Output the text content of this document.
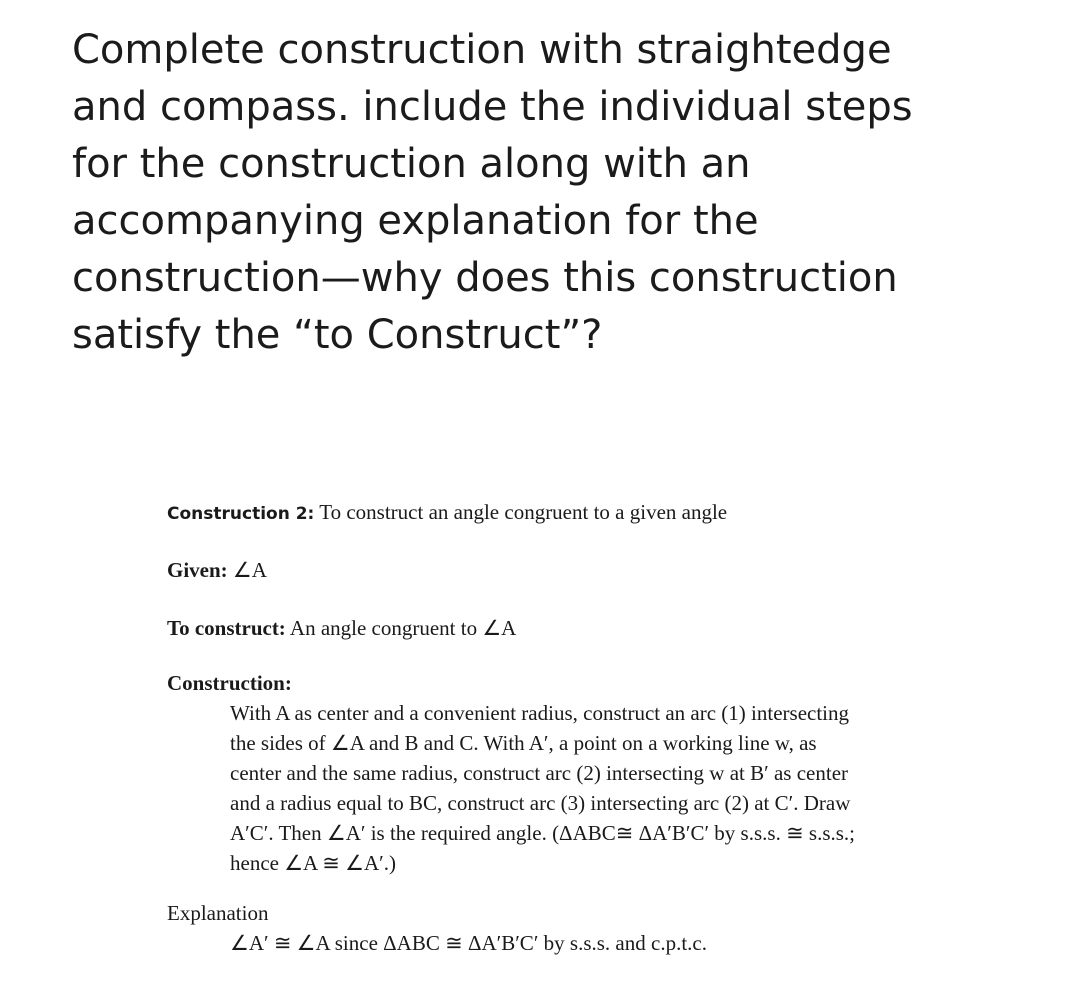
Complete construction with straightedge
and compass. include the individual steps
for the construction along with an
accompanying explanation for the
construction—why does this construction
satisfy the “to Construct”?
Construction 2: To construct an angle congruent to a given angle
Given: ∠A
To construct: An angle congruent to ∠A
Construction:
With A as center and a convenient radius, construct an arc (1) intersecting
the sides of ∠A and B and C. With A′, a point on a working line w, as
center and the same radius, construct arc (2) intersecting w at B′ as center
and a radius equal to BC, construct arc (3) intersecting arc (2) at C′. Draw
A′C′. Then ∠A′ is the required angle. (ΔABC≅ ΔA′B′C′ by s.s.s. ≅ s.s.s.;
hence ∠A ≅ ∠A′.)
Explanation
∠A′ ≅ ∠A since ΔABC ≅ ΔA′B′C′ by s.s.s. and c.p.t.c.
